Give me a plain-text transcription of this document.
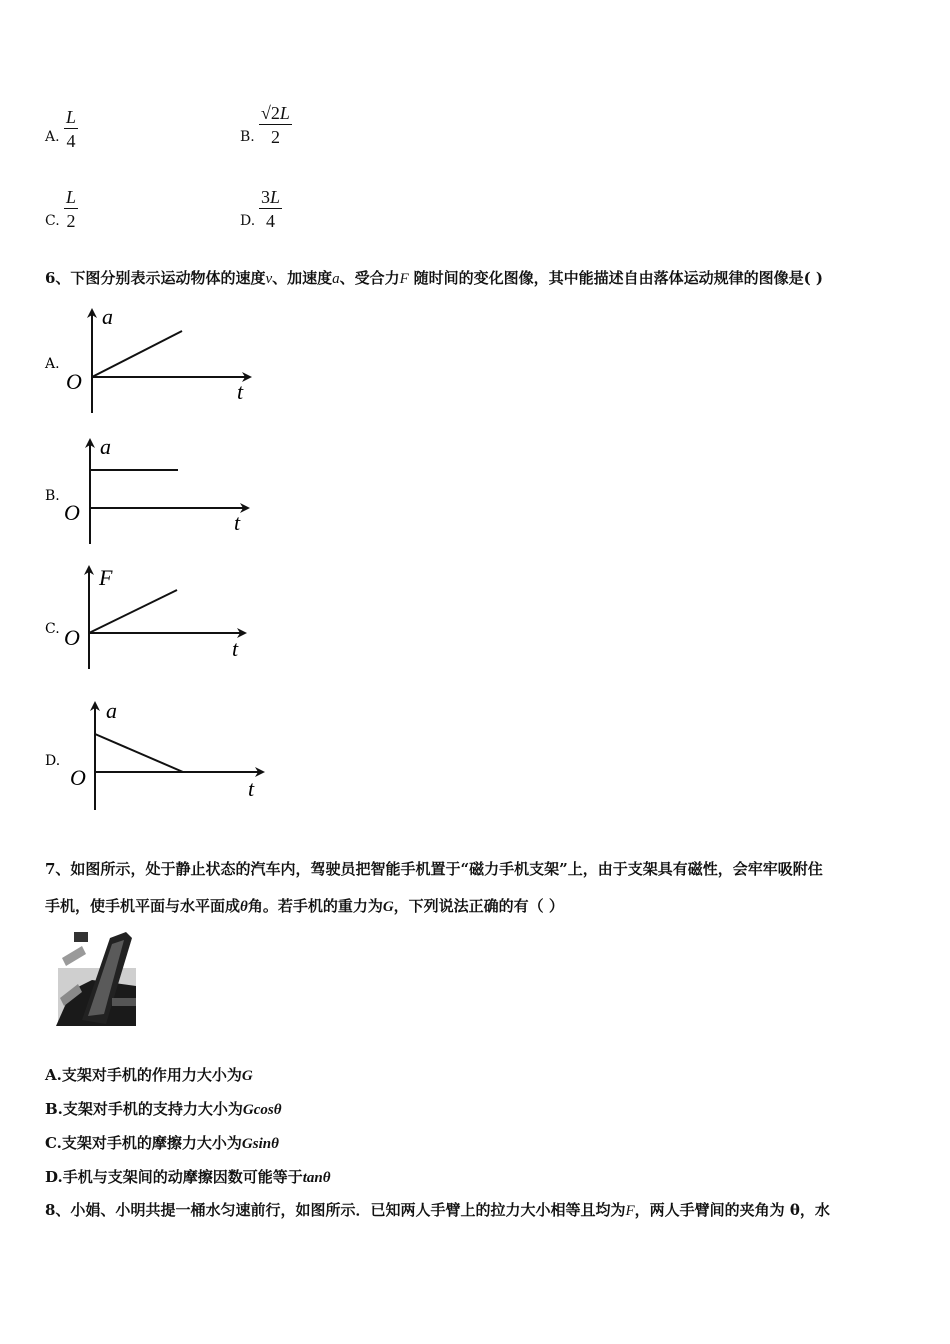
A.
L
4	B.
√2L
2
C.
L
2	D.
3L
4
6、下图分别表示运动物体的速度v、加速度a、受合力F 随时间的变化图像，其中能描述自由落体运动规律的图像是( )
A.
a
O	t
B.
a
O	t
C.
F
O	t
D.
a
O	t
7、如图所示，处于静止状态的汽车内，驾驶员把智能手机置于“磁力手机支架”上，由于支架具有磁性，会牢牢吸附住
手机，使手机平面与水平面成θ角。若手机的重力为G，下列说法正确的有（ ）
A.支架对手机的作用力大小为G
B.支架对手机的支持力大小为Gcosθ
C.支架对手机的摩擦力大小为Gsinθ
D.手机与支架间的动摩擦因数可能等于tanθ
8、小娟、小明共提一桶水匀速前行，如图所示．已知两人手臂上的拉力大小相等且均为F，两人手臂间的夹角为 θ，水
